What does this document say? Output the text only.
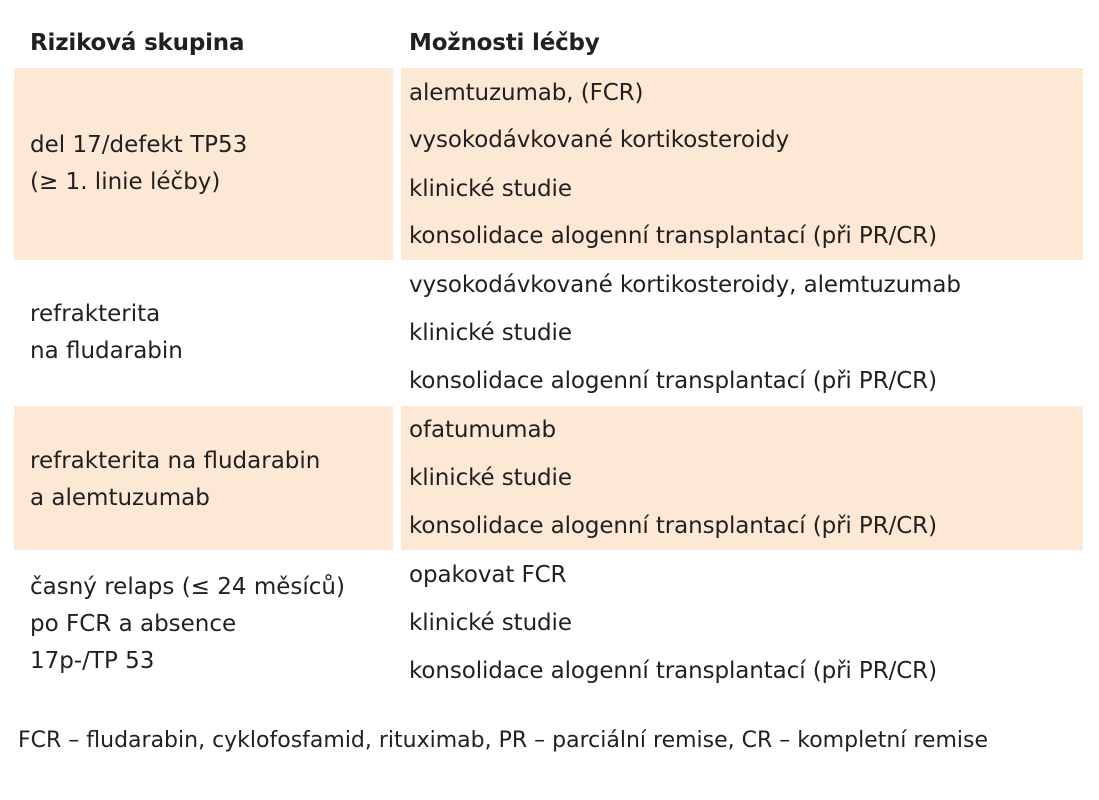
Riziková skupina	Možnosti léčby
del 17/defekt TP53
(≥ 1. linie léčby)
alemtuzumab, (FCR)
vysokodávkované kortikosteroidy
klinické studie
konsolidace alogenní transplantací (při PR/CR)
refrakterita
na fludarabin
vysokodávkované kortikosteroidy, alemtuzumab
klinické studie
konsolidace alogenní transplantací (při PR/CR)
refrakterita na fludarabin
a alemtuzumab
ofatumumab
klinické studie
konsolidace alogenní transplantací (při PR/CR)
časný relaps (≤ 24 měsíců)
po FCR a absence
17p-/TP 53
opakovat FCR
klinické studie
konsolidace alogenní transplantací (při PR/CR)
FCR – fludarabin, cyklofosfamid, rituximab, PR – parciální remise, CR – kompletní remise
